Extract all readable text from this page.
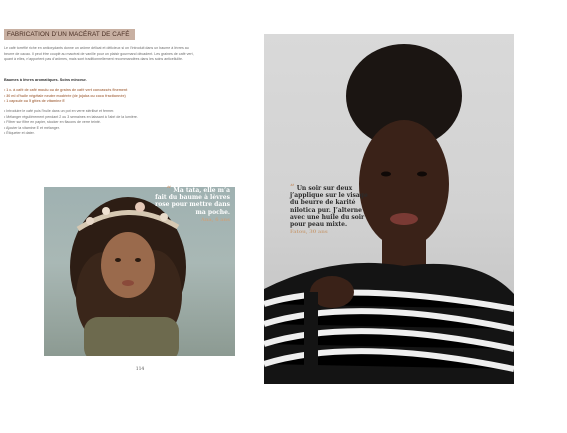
FABRICATION D’UN MACÉRAT DE CAFÉ
Le café torréfié riche en antioxydants donne un arôme délicat et délicieux si on l’introduit dans un baume à lèvres au beurre de cacao. Il peut être couplé au macérat de vanille pour un plaisir gourmand décadent. Les graines de café vert, quant à elles, n’apportent pas d’arômes, mais sont traditionnellement recommandées dans les soins anticellulite.
Baumes à lèvres aromatiques. Soins minceur.
• 1 c. à café de café moulu ou de grains de café vert concassés finement
• 30 ml d’huile végétale neutre modérée (de jojoba ou coco fractionnée)
• 1 capsule ou 5 gttes de vitamine E
• Introduire le café puis l’huile dans un pot en verre stérilisé et fermer.
• Mélanger régulièrement pendant 2 ou 3 semaines en laissant à l’abri de la lumière.
• Filtrer sur filtre en papier, stocker en flacons de verre teinté.
• Ajouter la vitamine E et mélanger.
• Étiqueter et dater.
“ Ma tata, elle m’a fait du baume à lèvres rose pour mettre dans ma poche.
Ana, 6 ans
114
“ Un soir sur deux j’applique sur le visage du beurre de karité nilotica pur. J’alterne avec une huile du soir pour peau mixte.
Fatou, 30 ans
